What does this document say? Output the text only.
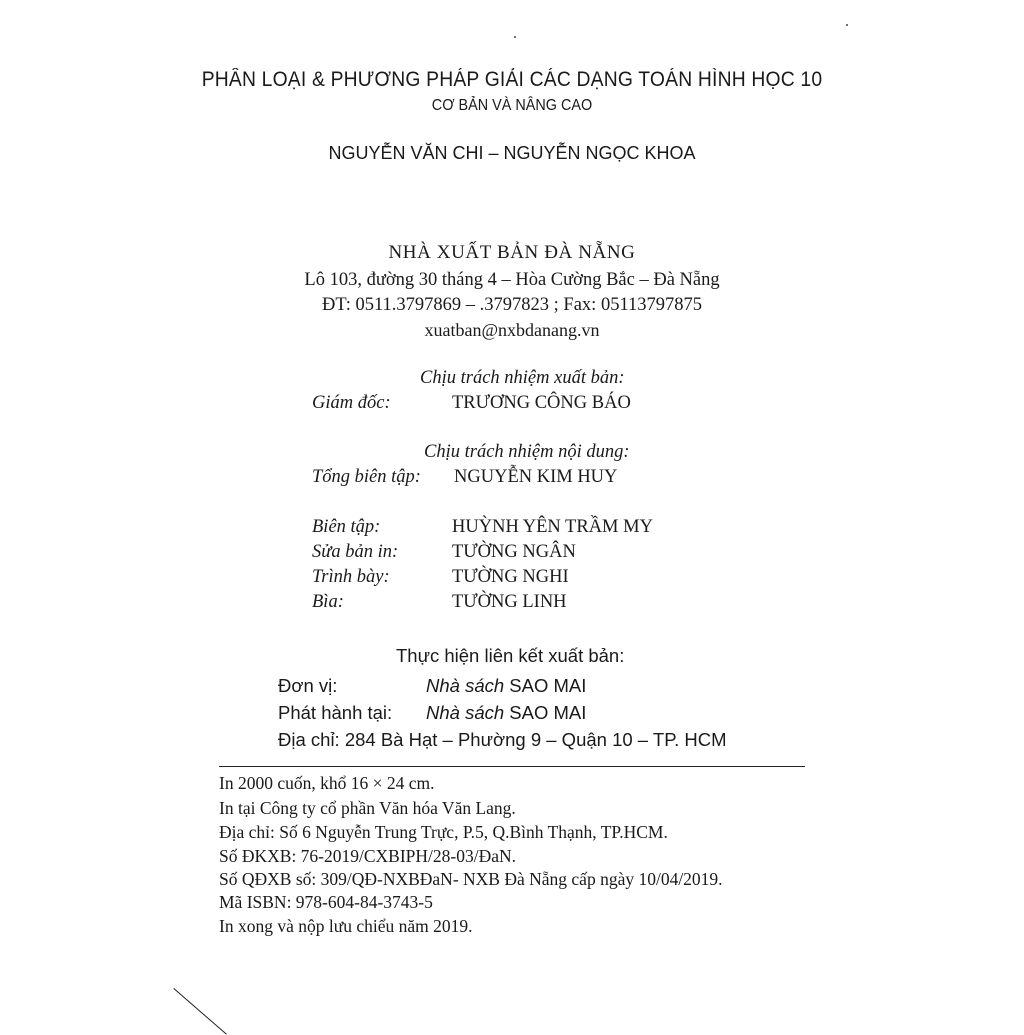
PHÂN LOẠI & PHƯƠNG PHÁP GIẢI CÁC DẠNG TOÁN HÌNH HỌC 10
CƠ BẢN VÀ NÂNG CAO
NGUYỄN VĂN CHI – NGUYỄN NGỌC KHOA
NHÀ XUẤT BẢN ĐÀ NẴNG
Lô 103, đường 30 tháng 4 – Hòa Cường Bắc – Đà Nẵng
ĐT: 0511.3797869 – .3797823 ; Fax: 05113797875
xuatban@nxbdanang.vn
Chịu trách nhiệm xuất bản:
Giám đốc:	TRƯƠNG CÔNG BÁO
Chịu trách nhiệm nội dung:
Tổng biên tập: NGUYỄN KIM HUY
Biên tập:	HUỲNH YÊN TRẦM MY
Sửa bản in:	TƯỜNG NGÂN
Trình bày:	TƯỜNG NGHI
Bìa:	TƯỜNG LINH
Thực hiện liên kết xuất bản:
Đơn vị:	Nhà sách SAO MAI
Phát hành tại: Nhà sách SAO MAI
Địa chỉ: 284 Bà Hạt – Phường 9 – Quận 10 – TP. HCM
In 2000 cuốn, khổ 16 × 24 cm.
In tại Công ty cổ phần Văn hóa Văn Lang.
Địa chỉ: Số 6 Nguyễn Trung Trực, P.5, Q.Bình Thạnh, TP.HCM.
Số ĐKXB: 76-2019/CXBIPH/28-03/ĐaN.
Số QĐXB số: 309/QĐ-NXBĐaN- NXB Đà Nẵng cấp ngày 10/04/2019.
Mã ISBN: 978-604-84-3743-5
In xong và nộp lưu chiểu năm 2019.
